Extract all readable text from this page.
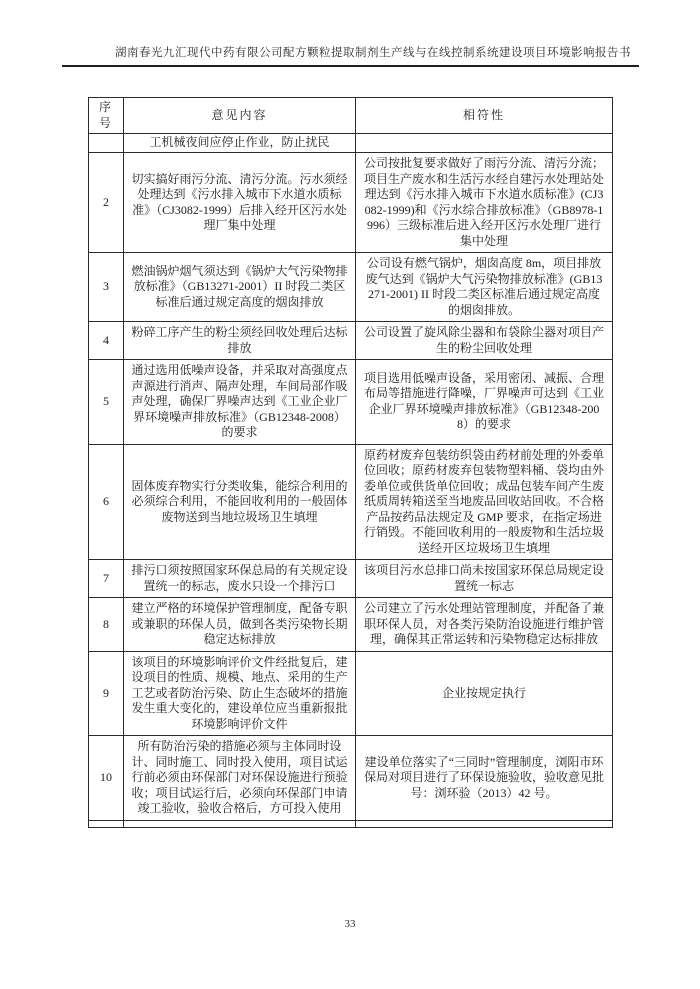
湖南春光九汇现代中药有限公司配方颗粒提取制剂生产线与在线控制系统建设项目环境影响报告书
序号	意见内容	相符性
	工机械夜间应停止作业，防止扰民	
2	切实搞好雨污分流、清污分流。污水须经处理达到《污水排入城市下水道水质标准》（CJ3082-1999）后排入经开区污水处理厂集中处理	公司按批复要求做好了雨污分流、清污分流；项目生产废水和生活污水经自建污水处理站处理达到《污水排入城市下水道水质标准》(CJ3082-1999)和《污水综合排放标准》（GB8978-1996）三级标准后进入经开区污水处理厂进行集中处理
3	燃油锅炉烟气须达到《锅炉大气污染物排放标准》（GB13271-2001）II 时段二类区标准后通过规定高度的烟囱排放	公司设有燃气锅炉，烟囱高度 8m，项目排放废气达到《锅炉大气污染物排放标准》(GB13271-2001) II 时段二类区标准后通过规定高度的烟囱排放。
4	粉碎工序产生的粉尘须经回收处理后达标排放	公司设置了旋风除尘器和布袋除尘器对项目产生的粉尘回收处理
5	通过选用低噪声设备，并采取对高强度点声源进行消声、隔声处理，车间局部作吸声处理，确保厂界噪声达到《工业企业厂界环境噪声排放标准》（GB12348-2008）的要求	项目选用低噪声设备，采用密闭、减振、合理布局等措施进行降噪，厂界噪声可达到《工业企业厂界环境噪声排放标准》（GB12348-2008）的要求
6	固体废弃物实行分类收集，能综合利用的必须综合利用，不能回收利用的一般固体废物送到当地垃圾场卫生填埋	原药材废弃包装纺织袋由药材前处理的外委单位回收；原药材废弃包装物塑料桶、袋均由外委单位或供货单位回收；成品包装车间产生废纸质周转箱送至当地废品回收站回收。不合格产品按药品法规定及 GMP 要求，在指定场进行销毁。不能回收利用的一般废物和生活垃圾送经开区垃圾场卫生填埋
7	排污口须按照国家环保总局的有关规定设置统一的标志，废水只设一个排污口	该项目污水总排口尚未按国家环保总局规定设置统一标志
8	建立严格的环境保护管理制度，配备专职或兼职的环保人员，做到各类污染物长期稳定达标排放	公司建立了污水处理站管理制度，并配备了兼职环保人员，对各类污染防治设施进行维护管理，确保其正常运转和污染物稳定达标排放
9	该项目的环境影响评价文件经批复后，建设项目的性质、规模、地点、采用的生产工艺或者防治污染、防止生态破坏的措施发生重大变化的，建设单位应当重新报批环境影响评价文件	企业按规定执行
10	所有防治污染的措施必须与主体同时设计、同时施工、同时投入使用，项目试运行前必须由环保部门对环保设施进行预验收；项目试运行后，必须向环保部门申请竣工验收，验收合格后，方可投入使用	建设单位落实了“三同时”管理制度，浏阳市环保局对项目进行了环保设施验收，验收意见批号：浏环验（2013）42 号。

33
